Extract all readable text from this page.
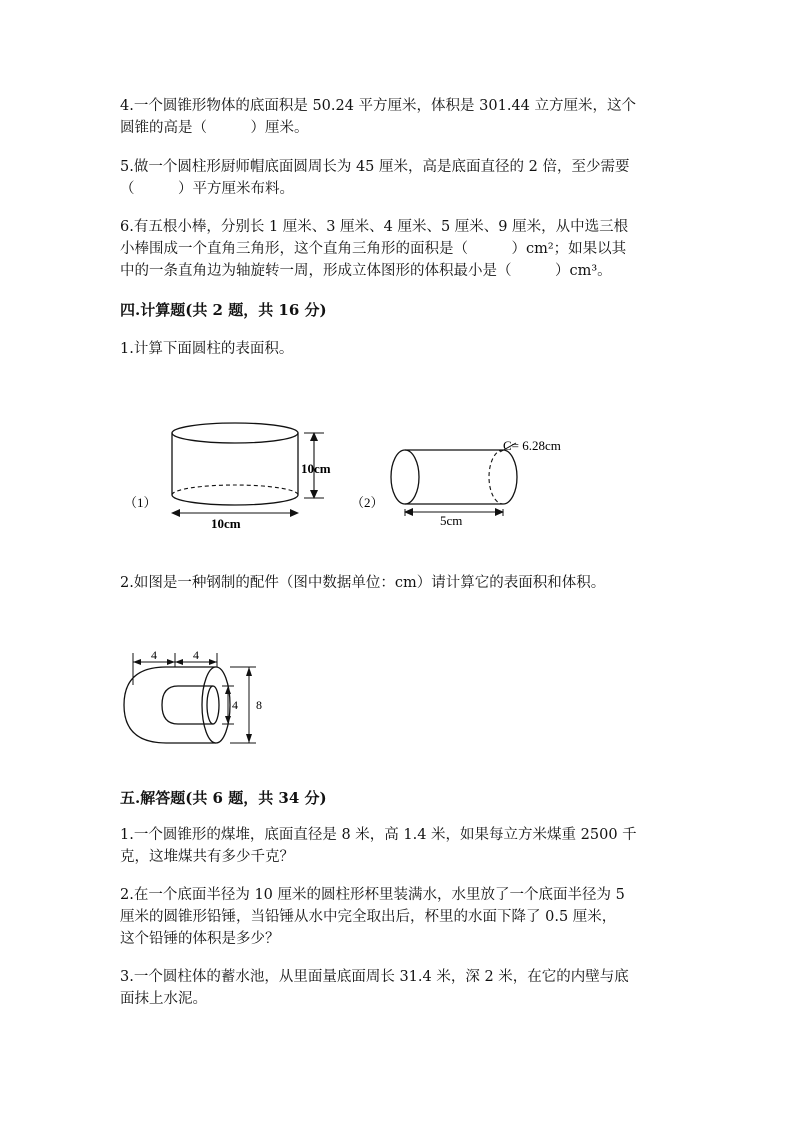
4.一个圆锥形物体的底面积是 50.24 平方厘米，体积是 301.44 立方厘米，这个
圆锥的高是（　　　）厘米。
5.做一个圆柱形厨师帽底面圆周长为 45 厘米，高是底面直径的 2 倍，至少需要
（　　　）平方厘米布料。
6.有五根小棒，分别长 1 厘米、3 厘米、4 厘米、5 厘米、9 厘米，从中选三根
小棒围成一个直角三角形，这个直角三角形的面积是（　　　）cm²；如果以其
中的一条直角边为轴旋转一周，形成立体图形的体积最小是（　　　）cm³。
四.计算题(共 2 题，共 16 分)
1.计算下面圆柱的表面积。
（1）
10cm
10cm
（2）
C= 6.28cm
5cm
2.如图是一种钢制的配件（图中数据单位：cm）请计算它的表面积和体积。
4	4
4 8
五.解答题(共 6 题，共 34 分)
1.一个圆锥形的煤堆，底面直径是 8 米，高 1.4 米，如果每立方米煤重 2500 千
克，这堆煤共有多少千克？
2.在一个底面半径为 10 厘米的圆柱形杯里装满水，水里放了一个底面半径为 5
厘米的圆锥形铅锤，当铅锤从水中完全取出后，杯里的水面下降了 0.5 厘米，
这个铅锤的体积是多少？
3.一个圆柱体的蓄水池，从里面量底面周长 31.4 米，深 2 米，在它的内壁与底
面抹上水泥。
